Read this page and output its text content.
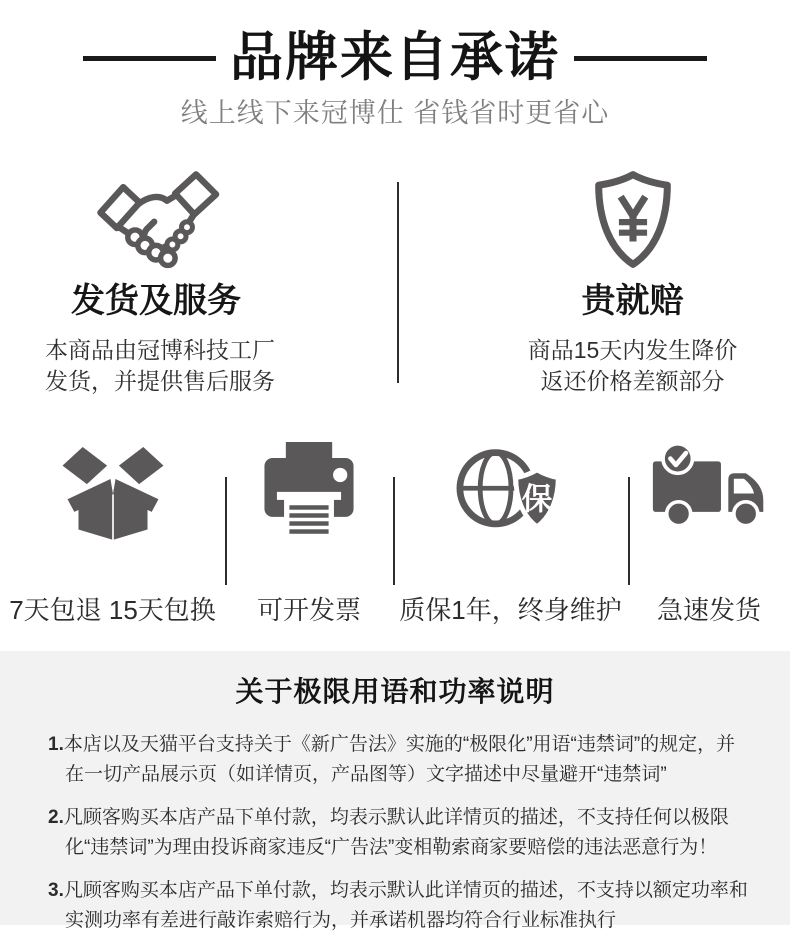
品牌来自承诺
线上线下来冠博仕 省钱省时更省心
发货及服务
本商品由冠博科技工厂
发货，并提供售后服务
贵就赔
商品15天内发生降价
返还价格差额部分
7天包退 15天包换	可开发票
保
质保1年，终身维护	急速发货
关于极限用语和功率说明

1.本店以及天猫平台支持关于《新广告法》实施的“极限化”用语“违禁词”的规定，并在一切产品展示页（如详情页，产品图等）文字描述中尽量避开“违禁词”

2.凡顾客购买本店产品下单付款，均表示默认此详情页的描述，不支持任何以极限化“违禁词”为理由投诉商家违反“广告法”变相勒索商家要赔偿的违法恶意行为！

3.凡顾客购买本店产品下单付款，均表示默认此详情页的描述，不支持以额定功率和实测功率有差进行敲诈索赔行为，并承诺机器均符合行业标准执行
